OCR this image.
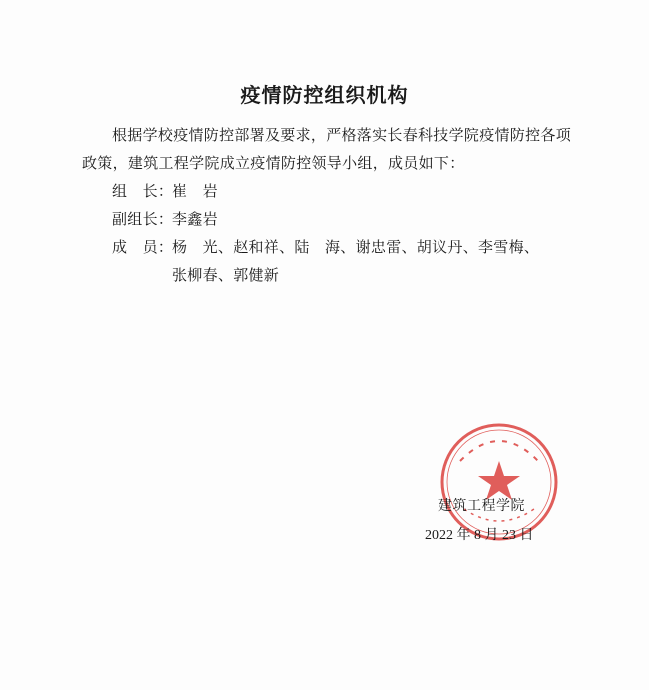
疫情防控组织机构
根据学校疫情防控部署及要求，严格落实长春科技学院疫情防控各项政策，建筑工程学院成立疫情防控领导小组，成员如下：
组　长：崔　岩
副组长：李鑫岩
成　员：杨　光、赵和祥、陆　海、谢忠雷、胡议丹、李雪梅、
张柳春、郭健新
建筑工程学院
2022 年 8 月 23 日
